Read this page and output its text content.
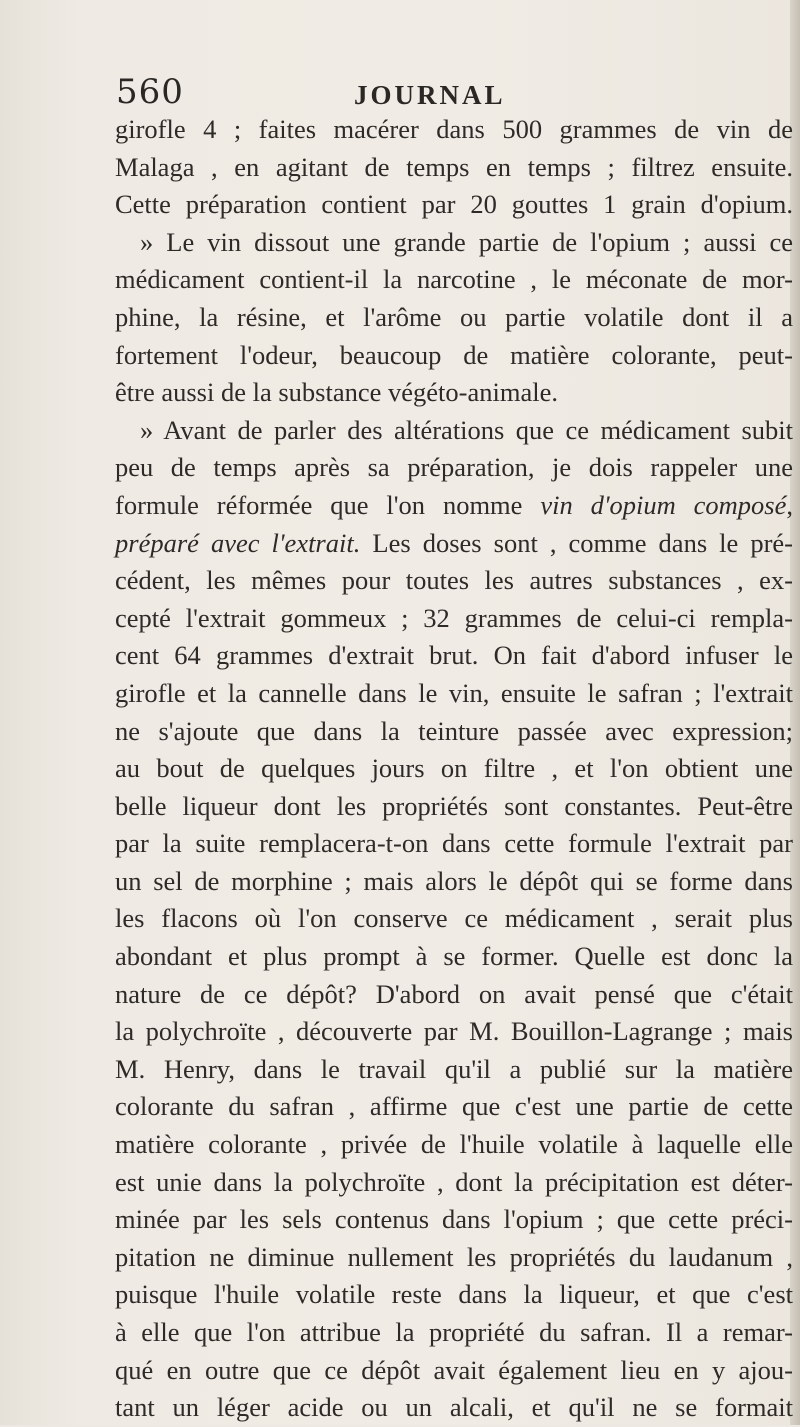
560	JOURNAL
girofle 4 ; faites macérer dans 500 grammes de vin de
Malaga , en agitant de temps en temps ; filtrez ensuite.
Cette préparation contient par 20 gouttes 1 grain d'opium.
» Le vin dissout une grande partie de l'opium ; aussi ce
médicament contient-il la narcotine , le méconate de mor-
phine, la résine, et l'arôme ou partie volatile dont il a
fortement l'odeur, beaucoup de matière colorante, peut-
être aussi de la substance végéto-animale.
» Avant de parler des altérations que ce médicament subit
peu de temps après sa préparation, je dois rappeler une
formule réformée que l'on nomme vin d'opium composé,
préparé avec l'extrait. Les doses sont , comme dans le pré-
cédent, les mêmes pour toutes les autres substances , ex-
cepté l'extrait gommeux ; 32 grammes de celui-ci rempla-
cent 64 grammes d'extrait brut. On fait d'abord infuser le
girofle et la cannelle dans le vin, ensuite le safran ; l'extrait
ne s'ajoute que dans la teinture passée avec expression;
au bout de quelques jours on filtre , et l'on obtient une
belle liqueur dont les propriétés sont constantes. Peut-être
par la suite remplacera-t-on dans cette formule l'extrait par
un sel de morphine ; mais alors le dépôt qui se forme dans
les flacons où l'on conserve ce médicament , serait plus
abondant et plus prompt à se former. Quelle est donc la
nature de ce dépôt? D'abord on avait pensé que c'était
la polychroïte , découverte par M. Bouillon-Lagrange ; mais
M. Henry, dans le travail qu'il a publié sur la matière
colorante du safran , affirme que c'est une partie de cette
matière colorante , privée de l'huile volatile à laquelle elle
est unie dans la polychroïte , dont la précipitation est déter-
minée par les sels contenus dans l'opium ; que cette préci-
pitation ne diminue nullement les propriétés du laudanum ,
puisque l'huile volatile reste dans la liqueur, et que c'est
à elle que l'on attribue la propriété du safran. Il a remar-
qué en outre que ce dépôt avait également lieu en y ajou-
tant un léger acide ou un alcali, et qu'il ne se formait
